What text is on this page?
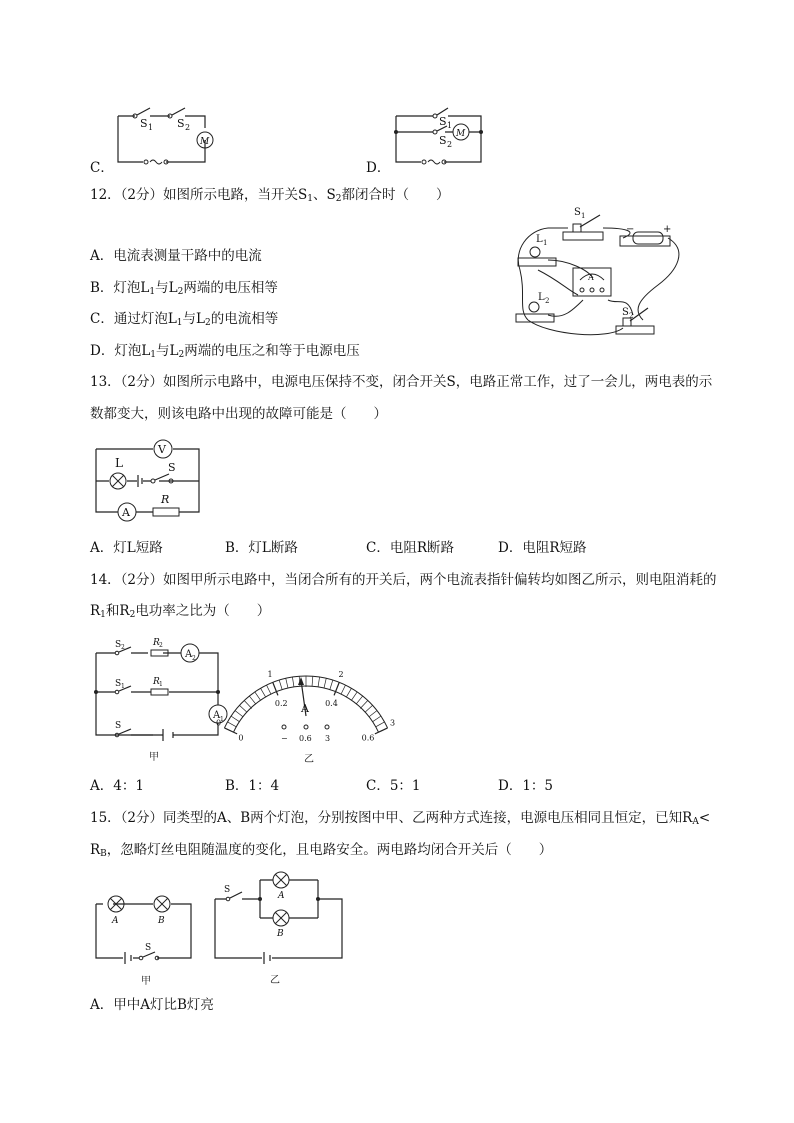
C．
M
S 1 S 2
D．
M
S 1
S 2
12．（2分）如图所示电路，当开关$S_1$、$S_2$都闭合时（　　）
A．电流表测量干路中的电流
B．灯泡$L_1$与$L_2$两端的电压相等
C．通过灯泡$L_1$与$L_2$的电流相等
D．灯泡$L_1$与$L_2$两端的电压之和等于电源电压
S 1
−	+
L 1
A
L 2
S 2
13．（2分）如图所示电路中，电源电压保持不变，闭合开关S，电路正常工作，过了一会儿，两电表的示
数都变大，则该电路中出现的故障可能是（　　）
V
L	S
A
R
A．灯L短路	B．灯L断路	C．电阻R断路	D．电阻R短路
14．（2分）如图甲所示电路中，当闭合所有的开关后，两个电流表指针偏转均如图乙所示，则电阻消耗的
$R_1$和$R_2$电功率之比为（　　）
S 2	R 2
A 2
S 1	R 1
A 1
S
甲
0
0
1
0.2
2
0.4
3
0.6
A
− 0.6 3
乙
A．4：1	B．1：4	C．5：1	D．1：5
15．（2分）同类型的A、B两个灯泡，分别按图中甲、乙两种方式连接，电源电压相同且恒定，已知$R_A<$
$R_B$，忽略灯丝电阻随温度的变化，且电路安全。两电路均闭合开关后（　　）
A	B
S
甲
S
A
B
乙
A．甲中A灯比B灯亮
